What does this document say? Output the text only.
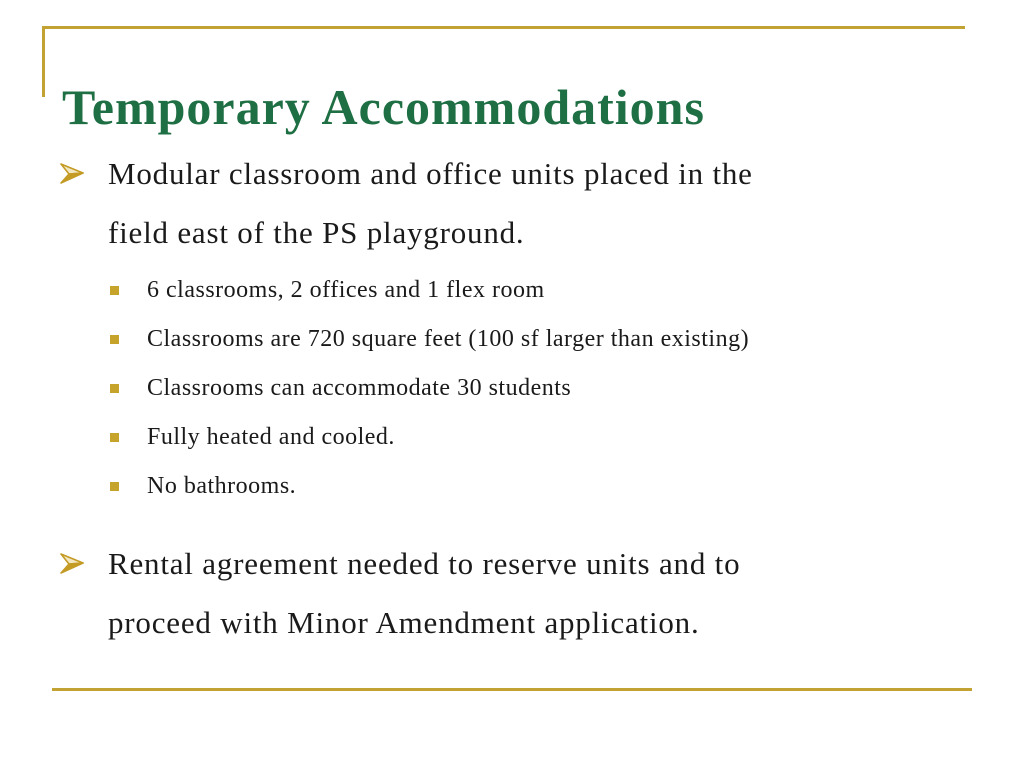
Temporary Accommodations
Modular classroom and office units placed in the
field east of the PS playground.
6 classrooms, 2 offices and 1 flex room
Classrooms are 720 square feet (100 sf larger than existing)
Classrooms can accommodate 30 students
Fully heated and cooled.
No bathrooms.
Rental agreement needed to reserve units and to
proceed with Minor Amendment application.
